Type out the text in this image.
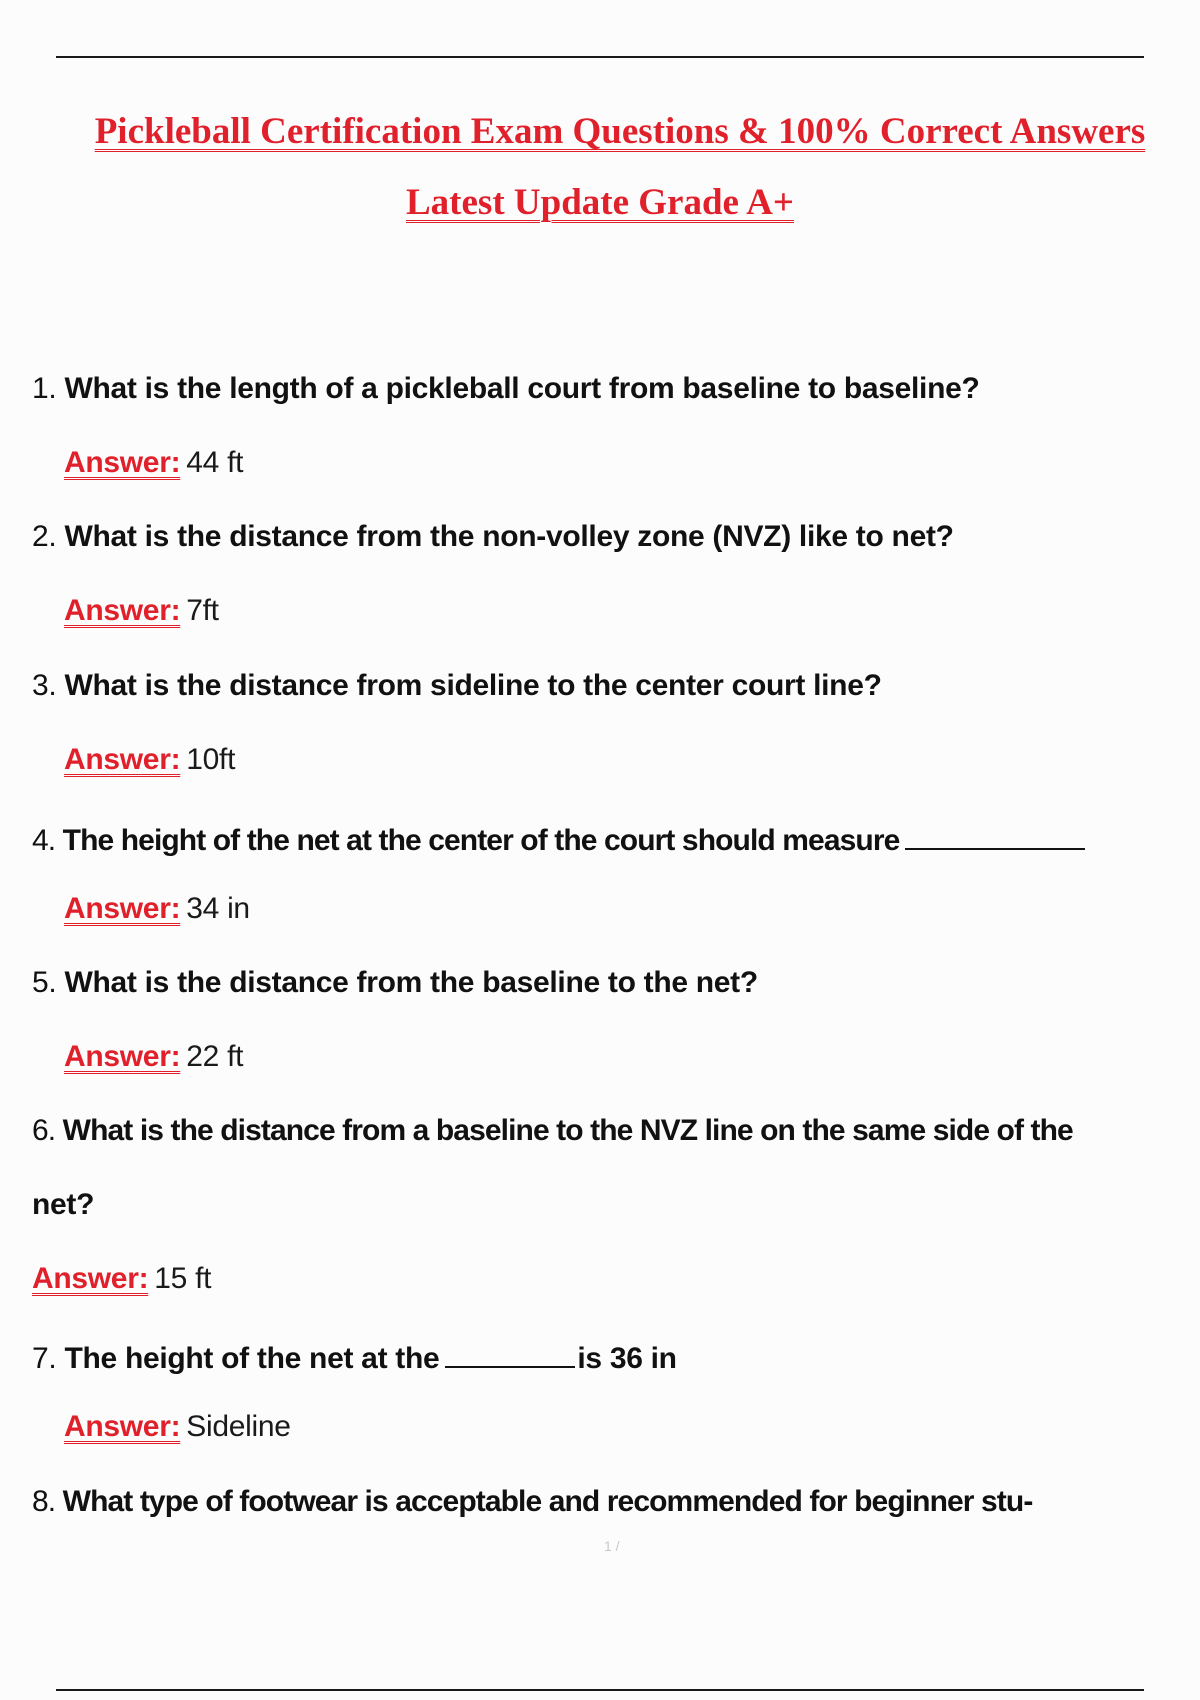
Pickleball Certification Exam Questions & 100% Correct Answers
Latest Update Grade A+
1. What is the length of a pickleball court from baseline to baseline?
Answer: 44 ft
2. What is the distance from the non-volley zone (NVZ) like to net?
Answer: 7ft
3. What is the distance from sideline to the center court line?
Answer: 10ft
4. The height of the net at the center of the court should measure
Answer: 34 in
5. What is the distance from the baseline to the net?
Answer: 22 ft
6. What is the distance from a baseline to the NVZ line on the same side of the
net?
Answer: 15 ft
7. The height of the net at the	is 36 in
Answer: Sideline
8. What type of footwear is acceptable and recommended for beginner stu-
1 /
